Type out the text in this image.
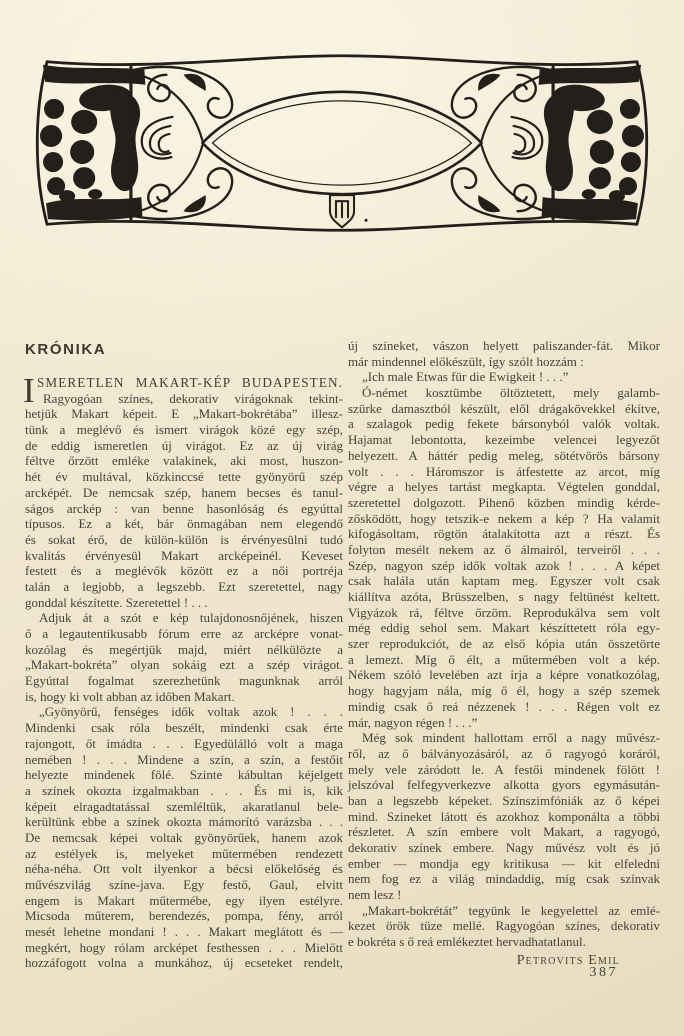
KRÓNIKA
I SMERETLEN MAKART-KÉP BUDAPESTEN.
Ragyogóan színes, dekorativ virágoknak tekint-
hetjük Makart képeit. E „Makart-bokrétába” illesz-
tünk a meglévő és ismert virágok közé egy szép,
de eddig ismeretlen új virágot. Ez az új virág
féltve őrzött emléke valakinek, aki most, huszon-
hét év multával, közkinccsé tette gyönyörű szép
arcképét. De nemcsak szép, hanem becses és tanul-
ságos arckép : van benne hasonlóság és egyúttal
típusos. Ez a két, bár önmagában nem elegendő
és sokat érő, de külön-külön is érvényesülni tudó
kvalitás érvényesül Makart arcképeinél. Keveset
festett és a meglévők között ez a női portréja
talán a legjobb, a legszebb. Ezt szeretettel, nagy
gonddal készítette. Szeretettel ! . . .
Adjuk át a szót e kép tulajdonosnőjének, hiszen
ő a legautentikusabb fórum erre az arcképre vonat-
kozólag és megértjük majd, miért nélkülözte a
„Makart-bokréta” olyan sokáig ezt a szép virágot.
Egyúttal fogalmat szerezhetünk magunknak arról
is, hogy ki volt abban az időben Makart.
„Gyönyörű, fenséges idők voltak azok ! . . .
Mindenki csak róla beszélt, mindenki csak érte
rajongott, őt imádta . . . Egyedülálló volt a maga
nemében ! . . . Mindene a szín, a szín, a festőit
helyezte mindenek fölé. Szinte kábultan kéjelgett
a színek okozta izgalmakban . . . És mi is, kik
képeit elragadtatással szemléltük, akaratlanul bele-
kerültünk ebbe a színek okozta mámorító varázsba . . .
De nemcsak képei voltak gyönyörűek, hanem azok
az estélyek is, melyeket műtermében rendezett
néha-néha. Ott volt ilyenkor a bécsi előkelőség és
művészvilág színe-java. Egy festő, Gaul, elvitt
engem is Makart műtermébe, egy ilyen estélyre.
Micsoda műterem, berendezés, pompa, fény, arról
mesét lehetne mondani ! . . . Makart meglátott és —
megkért, hogy rólam arcképet festhessen . . . Mielőtt
hozzáfogott volna a munkához, új ecseteket rendelt,
új színeket, vászon helyett paliszander-fát. Mikor
már mindennel előkészült, így szólt hozzám :
„Ich male Etwas für die Ewigkeit ! . . .”
Ó-német kosztümbe öltöztetett, mely galamb-
szürke damasztból készült, elől drágakövekkel ékítve,
a szalagok pedig fekete bársonyból valók voltak.
Hajamat lebontotta, kezeimbe velencei legyezőt
helyezett. A háttér pedig meleg, sötétvörös bársony
volt . . . Háromszor is átfestette az arcot, míg
végre a helyes tartást megkapta. Végtelen gonddal,
szeretettel dolgozott. Pihenő közben mindig kérde-
zősködött, hogy tetszik-e nekem a kép ? Ha valamit
kifogásoltam, rögtön átalakította azt a részt. És
folyton mesélt nekem az ő álmairól, terveiről . . .
Szép, nagyon szép idők voltak azok ! . . . A képet
csak halála után kaptam meg. Egyszer volt csak
kiállítva azóta, Brüsszelben, s nagy feltünést keltett.
Vigyázok rá, féltve őrzöm. Reprodukálva sem volt
még eddig sehol sem. Makart készíttetett róla egy-
szer reprodukciót, de az első kópia után összetörte
a lemezt. Míg ő élt, a műtermében volt a kép.
Nékem szóló levelében azt írja a képre vonatkozólag,
hogy hagyjam nála, míg ő él, hogy a szép szemek
mindig csak ő reá nézzenek ! . . . Régen volt ez
már, nagyon régen ! . . .”
Még sok mindent hallottam erről a nagy művész-
ről, az ő bálványozásáról, az ő ragyogó koráról,
mely vele záródott le. A festői mindenek fölött !
jelszóval felfegyverkezve alkotta gyors egymásután-
ban a legszebb képeket. Színszimfóniák az ő képei
mind. Szineket látott és azokhoz komponálta a többi
részletet. A szín embere volt Makart, a ragyogó,
dekorativ színek embere. Nagy művész volt és jó
ember — mondja egy kritikusa — kit elfeledni
nem fog ez a világ mindaddig, míg csak színvak
nem lesz !
„Makart-bokrétát” tegyünk le kegyelettel az emlé-
kezet örök tüze mellé. Ragyogóan színes, dekorativ
e bokréta s ő reá emlékeztet hervadhatatlanul.
Petrovits Emil
387
